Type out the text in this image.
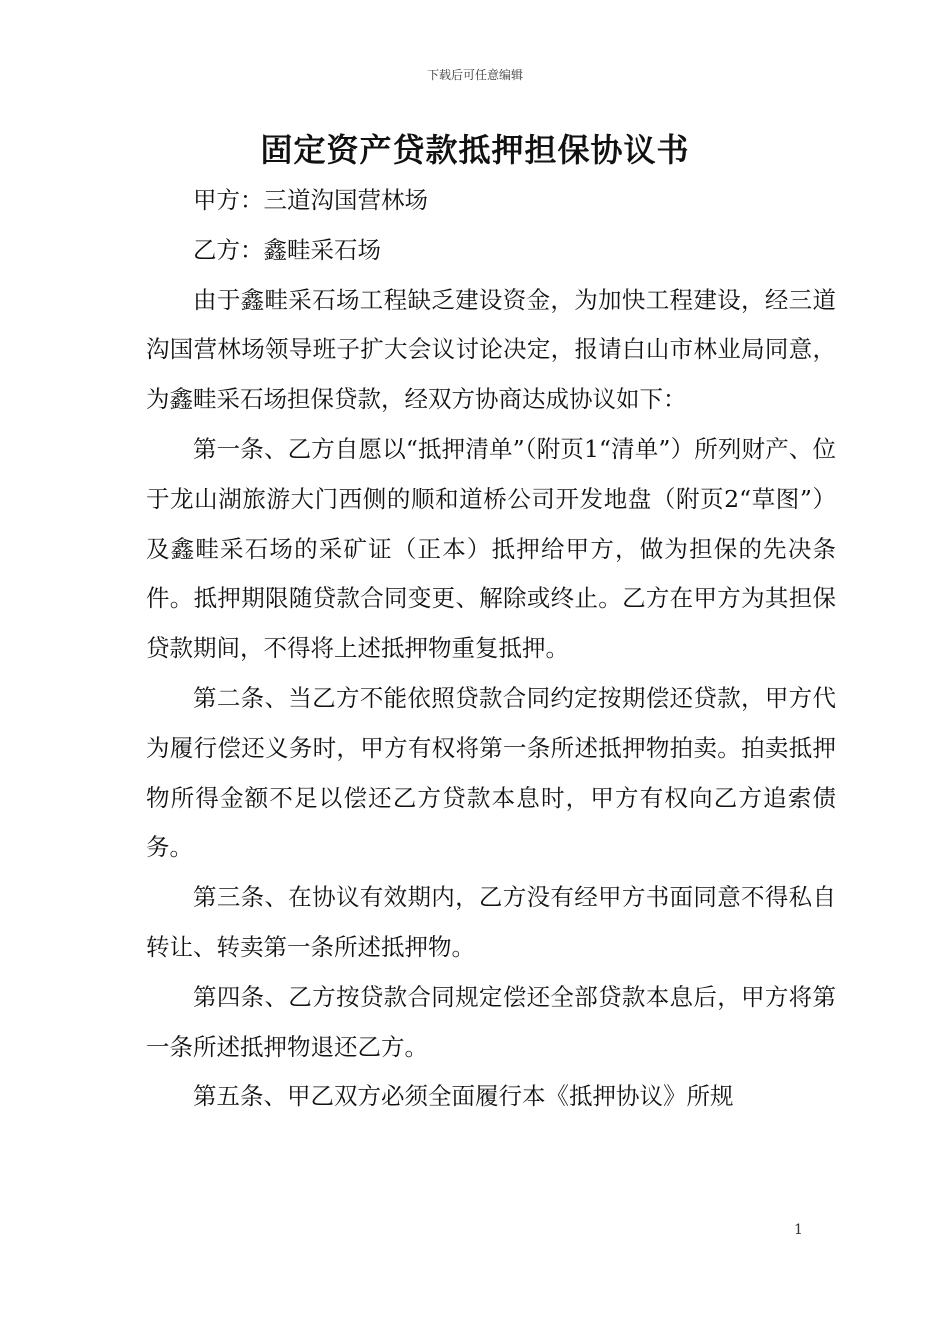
下载后可任意编辑
固定资产贷款抵押担保协议书

甲方：三道沟国营林场

乙方：鑫畦采石场

由于鑫畦采石场工程缺乏建设资金，为加快工程建设，经三道沟国营林场领导班子扩大会议讨论决定，报请白山市林业局同意，为鑫畦采石场担保贷款，经双方协商达成协议如下：

第一条、乙方自愿以“抵押清单”（附页1“清单”）所列财产、位于龙山湖旅游大门西侧的顺和道桥公司开发地盘（附页2“草图”）及鑫畦采石场的采矿证（正本）抵押给甲方，做为担保的先决条件。抵押期限随贷款合同变更、解除或终止。乙方在甲方为其担保贷款期间，不得将上述抵押物重复抵押。

第二条、当乙方不能依照贷款合同约定按期偿还贷款，甲方代为履行偿还义务时，甲方有权将第一条所述抵押物拍卖。拍卖抵押物所得金额不足以偿还乙方贷款本息时，甲方有权向乙方追索债务。

第三条、在协议有效期内，乙方没有经甲方书面同意不得私自转让、转卖第一条所述抵押物。

第四条、乙方按贷款合同规定偿还全部贷款本息后，甲方将第一条所述抵押物退还乙方。

第五条、甲乙双方必须全面履行本《抵押协议》所规

1
